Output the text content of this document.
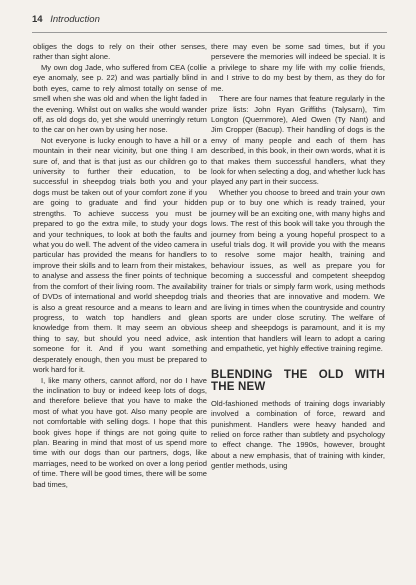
14 Introduction

obliges the dogs to rely on their other senses, rather than sight alone.

My own dog Jade, who suffered from CEA (collie eye anomaly, see p. 22) and was partially blind in both eyes, came to rely almost totally on sense of smell when she was old and when the light faded in the evening. Whilst out on walks she would wander off, as old dogs do, yet she would unerringly return to the car on her own by using her nose.

Not everyone is lucky enough to have a hill or a mountain in their near vicinity, but one thing I am sure of, and that is that just as our children go to university to further their education, to be successful in sheepdog trials both you and your dogs must be taken out of your comfort zone if you are going to graduate and find your hidden strengths. To achieve success you must be prepared to go the extra mile, to study your dogs and your techniques, to look at both the faults and what you do well. The advent of the video camera in particular has provided the means for handlers to improve their skills and to learn from their mistakes, to analyse and assess the finer points of technique from the comfort of their living room. The availability of DVDs of international and world sheepdog trials is also a great resource and a means to learn and progress, to watch top handlers and glean knowledge from them. It may seem an obvious thing to say, but should you need advice, ask someone for it. And if you want something desperately enough, then you must be prepared to work hard for it.

I, like many others, cannot afford, nor do I have the inclination to buy or indeed keep lots of dogs, and therefore believe that you have to make the most of what you have got. Also many people are not comfortable with selling dogs. I hope that this book gives hope if things are not going quite to plan. Bearing in mind that most of us spend more time with our dogs than our partners, dogs, like marriages, need to be worked on over a long period of time. There will be good times, there will be some bad times,

there may even be some sad times, but if you persevere the memories will indeed be special. It is a privilege to share my life with my collie friends, and I strive to do my best by them, as they do for me.

There are four names that feature regularly in the prize lists: John Ryan Griffiths (Talysarn), Tim Longton (Quernmore), Aled Owen (Ty Nant) and Jim Cropper (Bacup). Their handling of dogs is the envy of many people and each of them has described, in this book, in their own words, what it is that makes them successful handlers, what they look for when selecting a dog, and whether luck has played any part in their success.

Whether you choose to breed and train your own pup or to buy one which is ready trained, your journey will be an exciting one, with many highs and lows. The rest of this book will take you through the journey from being a young hopeful prospect to a useful trials dog. It will provide you with the means to resolve some major health, training and behaviour issues, as well as prepare you for becoming a successful and competent sheepdog trainer for trials or simply farm work, using methods and theories that are innovative and modern. We are living in times when the countryside and country sports are under close scrutiny. The welfare of sheep and sheepdogs is paramount, and it is my intention that handlers will learn to adopt a caring and empathetic, yet highly effective training regime.

BLENDING THE OLD WITH THE NEW

Old-fashioned methods of training dogs invariably involved a combination of force, reward and punishment. Handlers were heavy handed and relied on force rather than subtlety and psychology to effect change. The 1990s, however, brought about a new emphasis, that of training with kinder, gentler methods, using
